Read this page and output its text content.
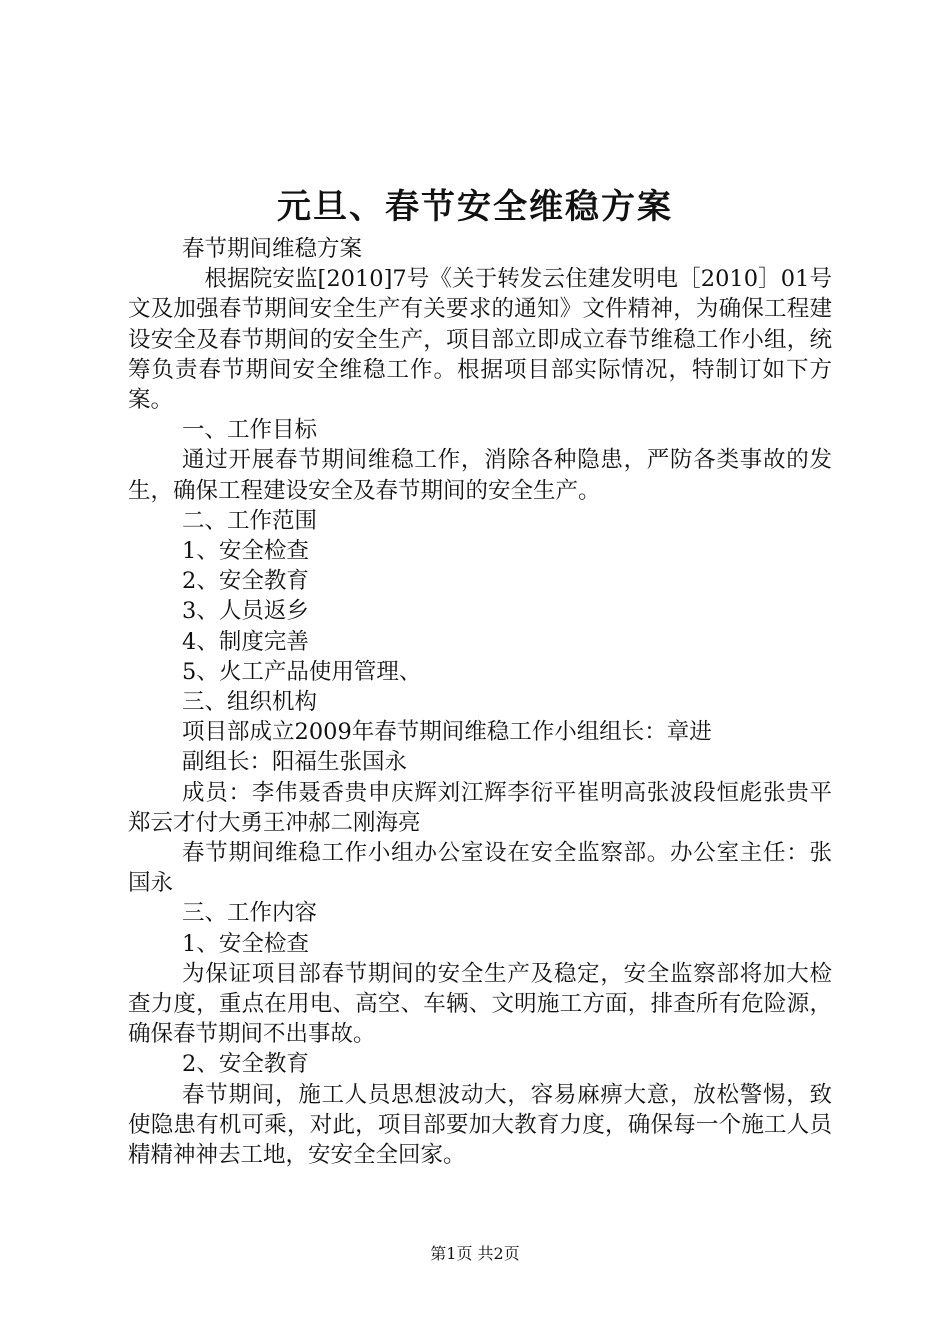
元旦、春节安全维稳方案

春节期间维稳方案

根据院安监[2010]7号《关于转发云住建发明电［2010］01号文及加强春节期间安全生产有关要求的通知》文件精神，为确保工程建设安全及春节期间的安全生产，项目部立即成立春节维稳工作小组，统筹负责春节期间安全维稳工作。根据项目部实际情况，特制订如下方案。

一、工作目标

通过开展春节期间维稳工作，消除各种隐患，严防各类事故的发生，确保工程建设安全及春节期间的安全生产。

二、工作范围

1、安全检查

2、安全教育

3、人员返乡

4、制度完善

5、火工产品使用管理、

三、组织机构

项目部成立2009年春节期间维稳工作小组组长：章进

副组长：阳福生张国永

成员：李伟聂香贵申庆辉刘江辉李衍平崔明高张波段恒彪张贵平郑云才付大勇王冲郝二刚海亮

春节期间维稳工作小组办公室设在安全监察部。办公室主任：张国永

三、工作内容

1、安全检查

为保证项目部春节期间的安全生产及稳定，安全监察部将加大检查力度，重点在用电、高空、车辆、文明施工方面，排查所有危险源，确保春节期间不出事故。

2、安全教育

春节期间，施工人员思想波动大，容易麻痹大意，放松警惕，致使隐患有机可乘，对此，项目部要加大教育力度，确保每一个施工人员精精神神去工地，安安全全回家。

第1页 共2页
